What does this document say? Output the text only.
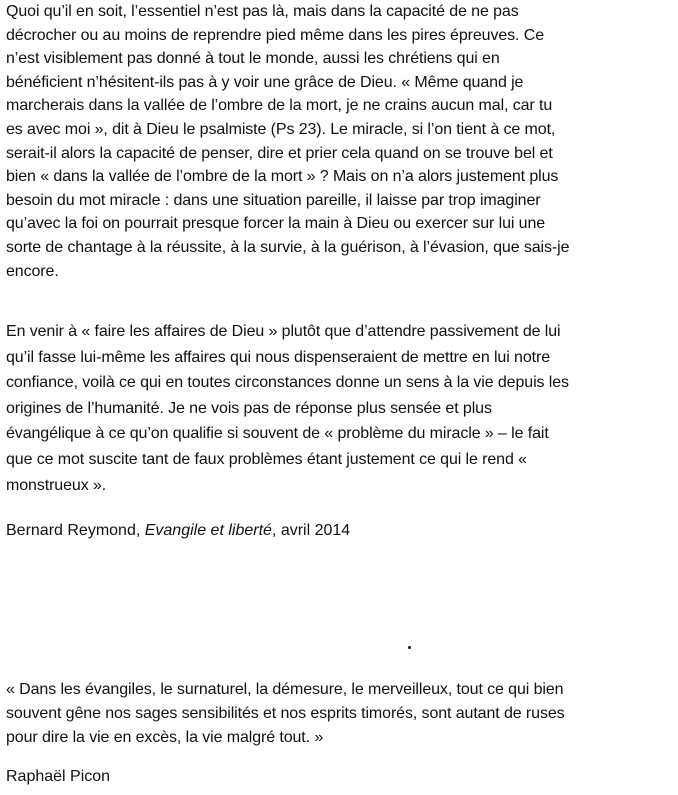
Quoi qu’il en soit, l’essentiel n’est pas là, mais dans la capacité de ne pas
décrocher ou au moins de reprendre pied même dans les pires épreuves. Ce
n’est visiblement pas donné à tout le monde, aussi les chrétiens qui en
bénéficient n’hésitent-ils pas à y voir une grâce de Dieu. « Même quand je
marcherais dans la vallée de l’ombre de la mort, je ne crains aucun mal, car tu
es avec moi », dit à Dieu le psalmiste (Ps 23). Le miracle, si l’on tient à ce mot,
serait-il alors la capacité de penser, dire et prier cela quand on se trouve bel et
bien « dans la vallée de l’ombre de la mort » ? Mais on n’a alors justement plus
besoin du mot miracle : dans une situation pareille, il laisse par trop imaginer
qu’avec la foi on pourrait presque forcer la main à Dieu ou exercer sur lui une
sorte de chantage à la réussite, à la survie, à la guérison, à l’évasion, que sais-je
encore.
En venir à « faire les affaires de Dieu » plutôt que d’attendre passivement de lui
qu’il fasse lui-même les affaires qui nous dispenseraient de mettre en lui notre
confiance, voilà ce qui en toutes circonstances donne un sens à la vie depuis les
origines de l’humanité. Je ne vois pas de réponse plus sensée et plus
évangélique à ce qu’on qualifie si souvent de « problème du miracle » – le fait
que ce mot suscite tant de faux problèmes étant justement ce qui le rend «
monstrueux ».
Bernard Reymond, Evangile et liberté, avril 2014
« Dans les évangiles, le surnaturel, la démesure, le merveilleux, tout ce qui bien
souvent gêne nos sages sensibilités et nos esprits timorés, sont autant de ruses
pour dire la vie en excès, la vie malgré tout. »
Raphaël Picon
